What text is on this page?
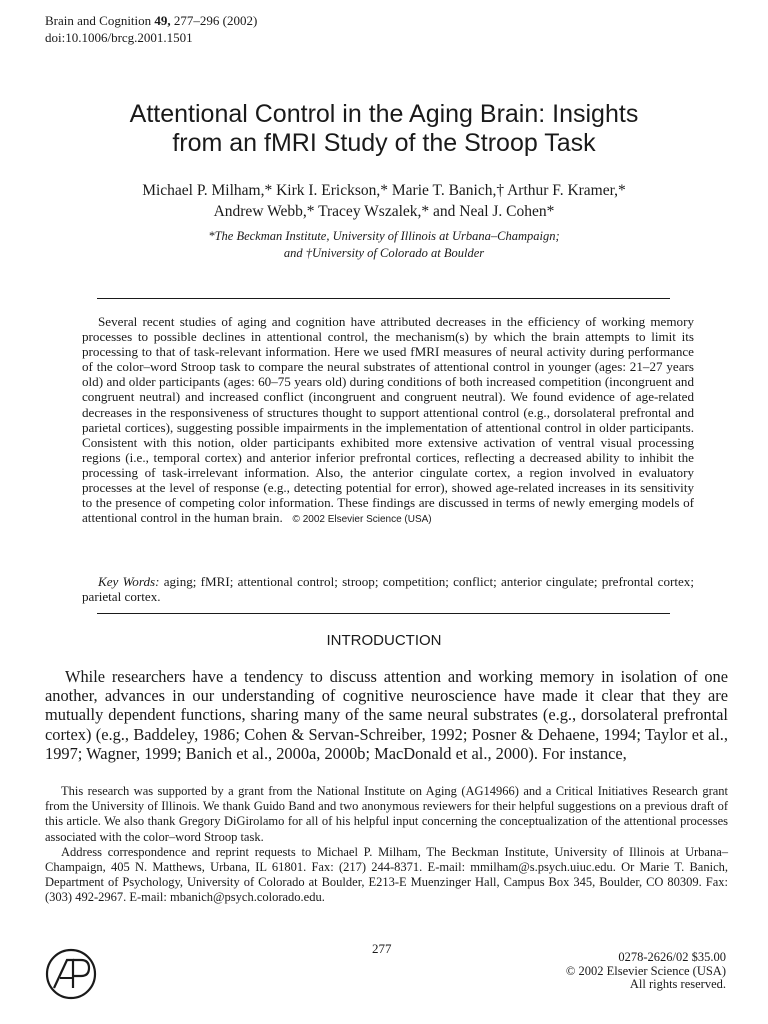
Brain and Cognition 49, 277–296 (2002)
doi:10.1006/brcg.2001.1501
Attentional Control in the Aging Brain: Insights
from an fMRI Study of the Stroop Task
Michael P. Milham,* Kirk I. Erickson,* Marie T. Banich,† Arthur F. Kramer,*
Andrew Webb,* Tracey Wszalek,* and Neal J. Cohen*
*The Beckman Institute, University of Illinois at Urbana–Champaign;
and †University of Colorado at Boulder
Several recent studies of aging and cognition have attributed decreases in the efficiency of working memory processes to possible declines in attentional control, the mechanism(s) by which the brain attempts to limit its processing to that of task-relevant information. Here we used fMRI measures of neural activity during performance of the color–word Stroop task to compare the neural substrates of attentional control in younger (ages: 21–27 years old) and older participants (ages: 60–75 years old) during conditions of both increased competition (incongruent and congruent neutral) and increased conflict (incongruent and congruent neutral). We found evidence of age-related decreases in the responsiveness of structures thought to support attentional control (e.g., dorsolateral prefrontal and parietal cortices), suggesting possible impairments in the implementation of attentional control in older participants. Consistent with this notion, older participants exhibited more extensive activation of ventral visual processing regions (i.e., temporal cortex) and anterior inferior prefrontal cortices, reflecting a decreased ability to inhibit the processing of task-irrelevant information. Also, the anterior cingulate cortex, a region involved in evaluatory processes at the level of response (e.g., detecting potential for error), showed age-related increases in its sensitivity to the presence of competing color information. These findings are discussed in terms of newly emerging models of attentional control in the human brain. © 2002 Elsevier Science (USA)
Key Words: aging; fMRI; attentional control; stroop; competition; conflict; anterior cingulate; prefrontal cortex; parietal cortex.
INTRODUCTION
While researchers have a tendency to discuss attention and working memory in isolation of one another, advances in our understanding of cognitive neuroscience have made it clear that they are mutually dependent functions, sharing many of the same neural substrates (e.g., dorsolateral prefrontal cortex) (e.g., Baddeley, 1986; Cohen & Servan-Schreiber, 1992; Posner & Dehaene, 1994; Taylor et al., 1997; Wagner, 1999; Banich et al., 2000a, 2000b; MacDonald et al., 2000). For instance,

This research was supported by a grant from the National Institute on Aging (AG14966) and a Critical Initiatives Research grant from the University of Illinois. We thank Guido Band and two anonymous reviewers for their helpful suggestions on a previous draft of this article. We also thank Gregory DiGirolamo for all of his helpful input concerning the conceptualization of the attentional processes associated with the color–word Stroop task.

Address correspondence and reprint requests to Michael P. Milham, The Beckman Institute, University of Illinois at Urbana–Champaign, 405 N. Matthews, Urbana, IL 61801. Fax: (217) 244-8371. E-mail: mmilham@s.psych.uiuc.edu. Or Marie T. Banich, Department of Psychology, University of Colorado at Boulder, E213-E Muenzinger Hall, Campus Box 345, Boulder, CO 80309. Fax: (303) 492-2967. E-mail: mbanich@psych.colorado.edu.

277
0278-2626/02 $35.00
© 2002 Elsevier Science (USA)
All rights reserved.
